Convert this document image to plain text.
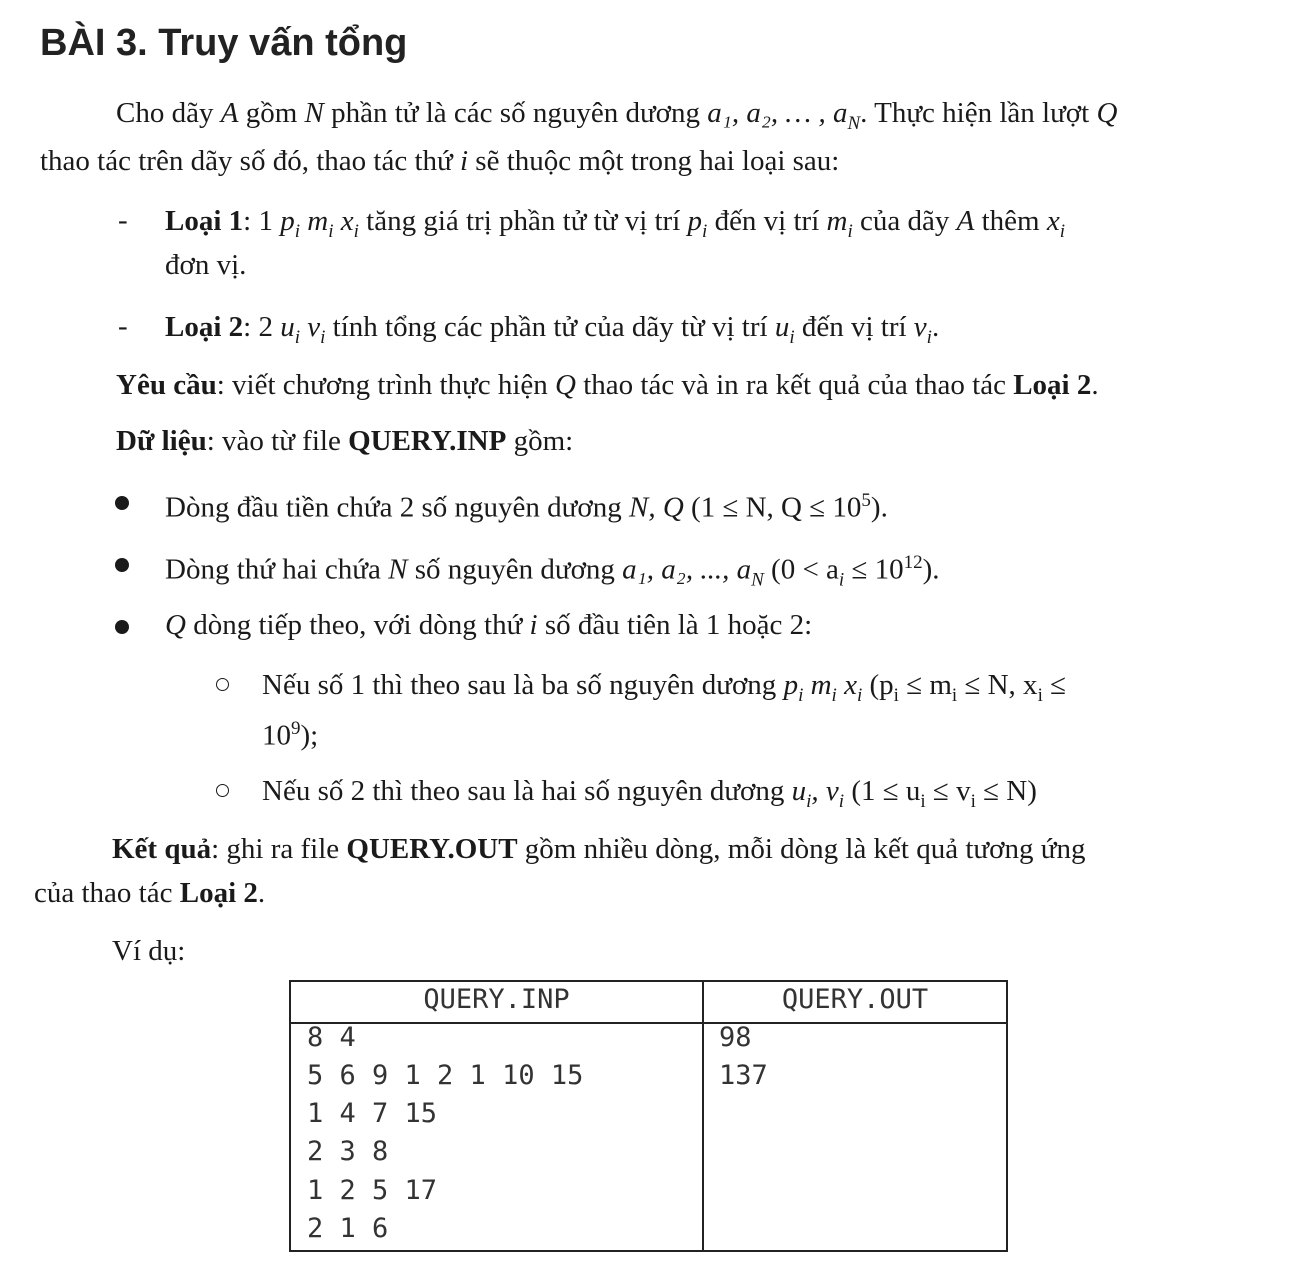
BÀI 3. Truy vấn tổng
Cho dãy A gồm N phần tử là các số nguyên dương a₁, a₂, … , $a_N$. Thực hiện lần lượt Q
thao tác trên dãy số đó, thao tác thứ i sẽ thuộc một trong hai loại sau:
- Loại 1: 1 $p_i$ $m_i$ $x_i$ tăng giá trị phần tử từ vị trí $p_i$ đến vị trí $m_i$ của dãy A thêm $x_i$
đơn vị.
- Loại 2: 2 $u_i$ $v_i$ tính tổng các phần tử của dãy từ vị trí $u_i$ đến vị trí $v_i$.
Yêu cầu: viết chương trình thực hiện Q thao tác và in ra kết quả của thao tác Loại 2.
Dữ liệu: vào từ file QUERY.INP gồm:
Dòng đầu tiền chứa 2 số nguyên dương N, Q (1 ≤ N, $Q \le 10^5$).
Dòng thứ hai chứa N số nguyên dương a₁, a₂, ..., $a_N$ $(0 < a_i \le 10^{12})$.
Q dòng tiếp theo, với dòng thứ i số đầu tiên là 1 hoặc 2:
Nếu số 1 thì theo sau là ba số nguyên dương $p_i$ $m_i$ $x_i$ ($p_i \le m_i \le N$, $x_i$ ≤
$10^9$);
Nếu số 2 thì theo sau là hai số nguyên dương $u_i$, $v_i$ $(1 \le u_i \le v_i \le N)$
Kết quả: ghi ra file QUERY.OUT gồm nhiều dòng, mỗi dòng là kết quả tương ứng
của thao tác Loại 2.
Ví dụ:
QUERY.INP	QUERY.OUT
8 4
5 6 9 1 2 1 10 15
1 4 7 15
2 3 8
1 2 5 17
2 1 6
98
137
